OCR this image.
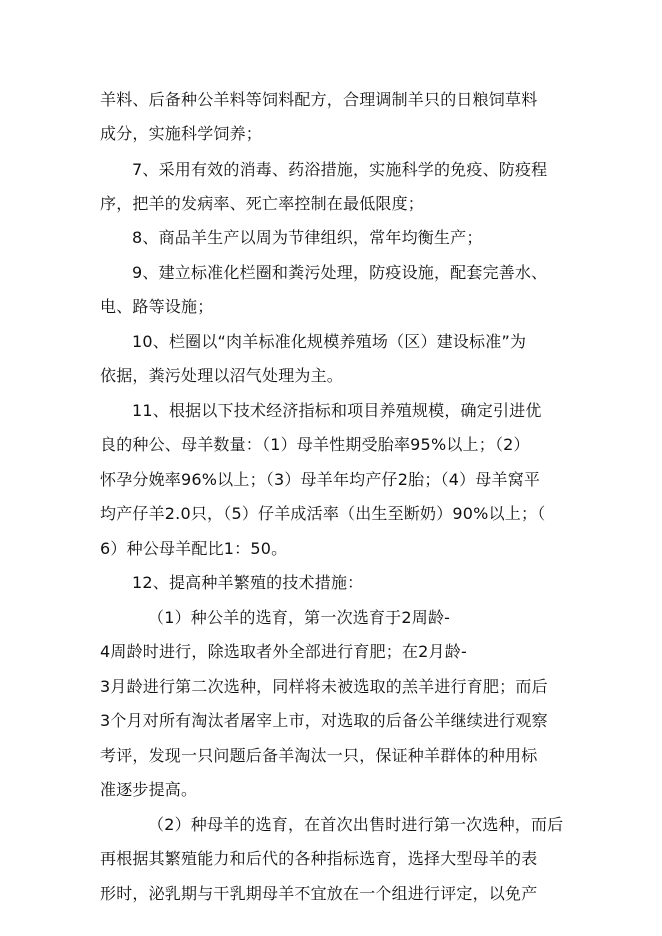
羊料、后备种公羊料等饲料配方，合理调制羊只的日粮饲草料
成分，实施科学饲养；
7、采用有效的消毒、药浴措施，实施科学的免疫、防疫程
序，把羊的发病率、死亡率控制在最低限度；
8、商品羊生产以周为节律组织，常年均衡生产；
9、建立标准化栏圈和粪污处理，防疫设施，配套完善水、
电、路等设施；
10、栏圈以“肉羊标准化规模养殖场（区）建设标准”为
依据，粪污处理以沼气处理为主。
11、根据以下技术经济指标和项目养殖规模，确定引进优
良的种公、母羊数量：（1）母羊性期受胎率95%以上；（2）
怀孕分娩率96%以上；（3）母羊年均产仔2胎；（4）母羊窝平
均产仔羊2.0只，（5）仔羊成活率（出生至断奶）90%以上；（
6）种公母羊配比1：50。
12、提高种羊繁殖的技术措施：
（1）种公羊的选育，第一次选育于2周龄-
4周龄时进行，除选取者外全部进行育肥；在2月龄-
3月龄进行第二次选种，同样将未被选取的羔羊进行育肥；而后
3个月对所有淘汰者屠宰上市，对选取的后备公羊继续进行观察
考评，发现一只问题后备羊淘汰一只，保证种羊群体的种用标
准逐步提高。
（2）种母羊的选育，在首次出售时进行第一次选种，而后
再根据其繁殖能力和后代的各种指标选育，选择大型母羊的表
形时，泌乳期与干乳期母羊不宜放在一个组进行评定，以免产
